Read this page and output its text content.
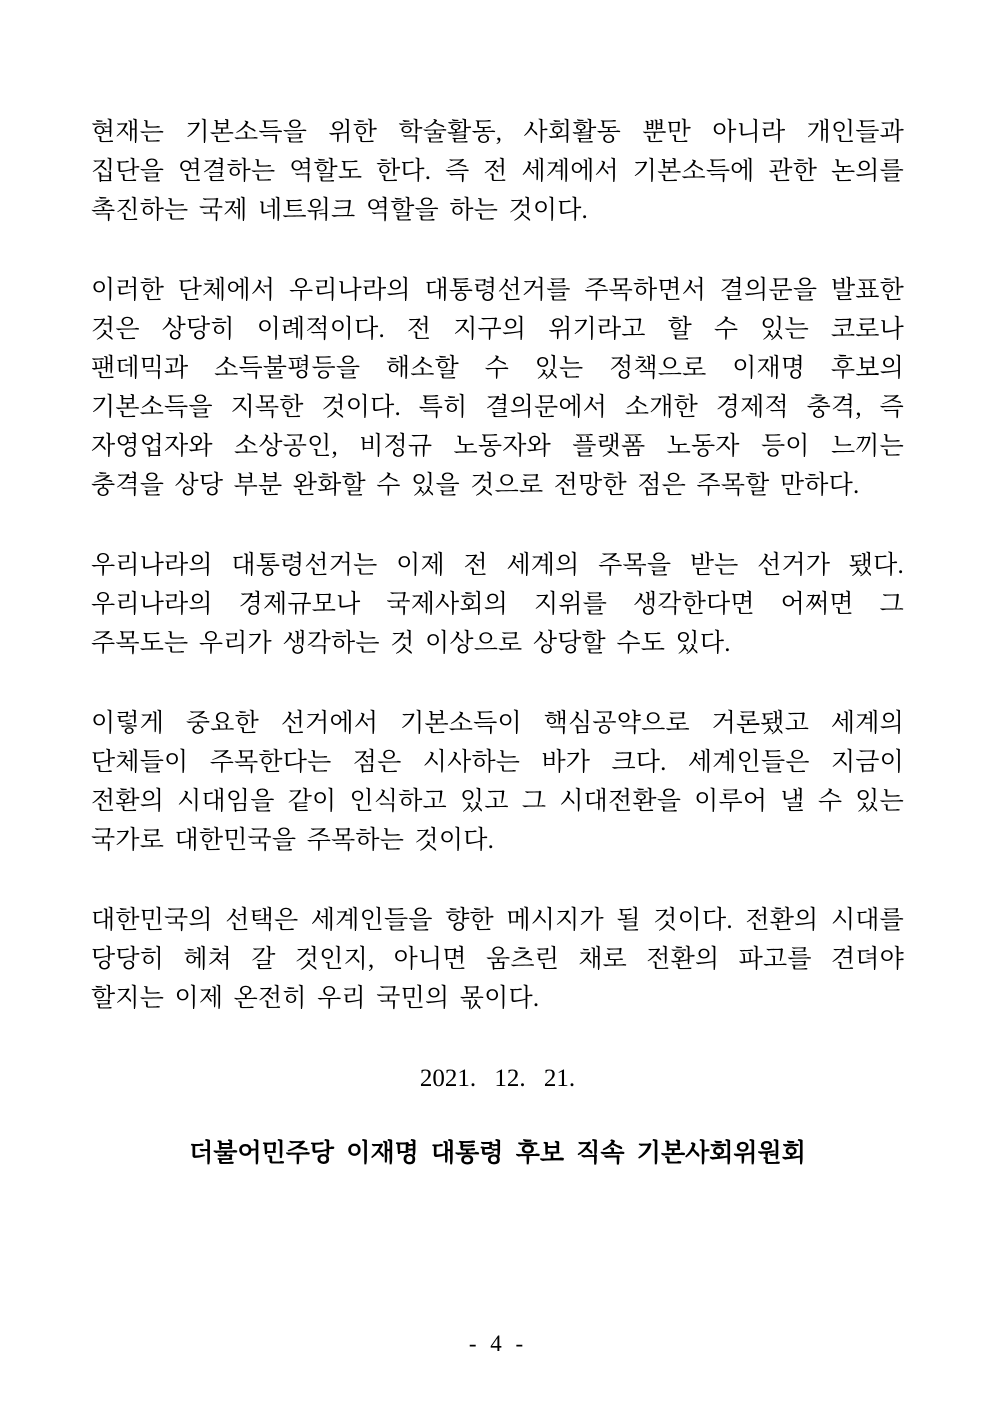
현재는 기본소득을 위한 학술활동, 사회활동 뿐만 아니라 개인들과 집단을 연결하는 역할도 한다. 즉 전 세계에서 기본소득에 관한 논의를 촉진하는 국제 네트워크 역할을 하는 것이다.

이러한 단체에서 우리나라의 대통령선거를 주목하면서 결의문을 발표한 것은 상당히 이례적이다. 전 지구의 위기라고 할 수 있는 코로나 팬데믹과 소득불평등을 해소할 수 있는 정책으로 이재명 후보의 기본소득을 지목한 것이다. 특히 결의문에서 소개한 경제적 충격, 즉 자영업자와 소상공인, 비정규 노동자와 플랫폼 노동자 등이 느끼는 충격을 상당 부분 완화할 수 있을 것으로 전망한 점은 주목할 만하다.

우리나라의 대통령선거는 이제 전 세계의 주목을 받는 선거가 됐다. 우리나라의 경제규모나 국제사회의 지위를 생각한다면 어쩌면 그 주목도는 우리가 생각하는 것 이상으로 상당할 수도 있다.

이렇게 중요한 선거에서 기본소득이 핵심공약으로 거론됐고 세계의 단체들이 주목한다는 점은 시사하는 바가 크다. 세계인들은 지금이 전환의 시대임을 같이 인식하고 있고 그 시대전환을 이루어 낼 수 있는 국가로 대한민국을 주목하는 것이다.

대한민국의 선택은 세계인들을 향한 메시지가 될 것이다. 전환의 시대를 당당히 헤쳐 갈 것인지, 아니면 움츠린 채로 전환의 파고를 견뎌야 할지는 이제 온전히 우리 국민의 몫이다.

2021. 12. 21.

더불어민주당 이재명 대통령 후보 직속 기본사회위원회

- 4 -
